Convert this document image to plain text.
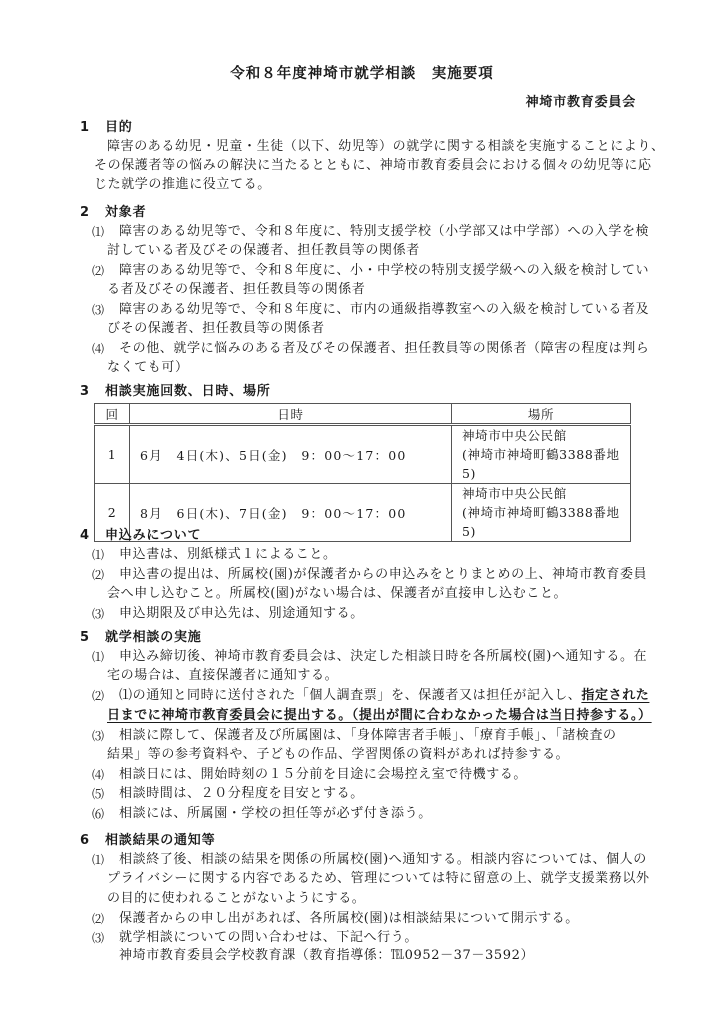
令和８年度神埼市就学相談　実施要項
神埼市教育委員会
1 目的
障害のある幼児・児童・生徒（以下、幼児等）の就学に関する相談を実施することにより、
その保護者等の悩みの解決に当たるとともに、神埼市教育委員会における個々の幼児等に応
じた就学の推進に役立てる。
2 対象者
⑴ 障害のある幼児等で、令和８年度に、特別支援学校（小学部又は中学部）への入学を検
討している者及びその保護者、担任教員等の関係者
⑵ 障害のある幼児等で、令和８年度に、小・中学校の特別支援学級への入級を検討してい
る者及びその保護者、担任教員等の関係者
⑶ 障害のある幼児等で、令和８年度に、市内の通級指導教室への入級を検討している者及
びその保護者、担任教員等の関係者
⑷ その他、就学に悩みのある者及びその保護者、担任教員等の関係者（障害の程度は判ら
なくても可）
3 相談実施回数、日時、場所
回	日時	場所
1	6月　4日(木)、5日(金)　9：00～17：00	神埼市中央公民館
(神埼市神埼町鶴3388番地5)

2	8月　6日(木)、7日(金)　9：00～17：00	神埼市中央公民館
(神埼市神埼町鶴3388番地5)
4 申込みについて
⑴ 申込書は、別紙様式１によること。
⑵ 申込書の提出は、所属校(園)が保護者からの申込みをとりまとめの上、神埼市教育委員
会へ申し込むこと。所属校(園)がない場合は、保護者が直接申し込むこと。
⑶ 申込期限及び申込先は、別途通知する。
5 就学相談の実施
⑴ 申込み締切後、神埼市教育委員会は、決定した相談日時を各所属校(園)へ通知する。在
宅の場合は、直接保護者に通知する。
⑵ ⑴の通知と同時に送付された「個人調査票」を、保護者又は担任が記入し、指定された
日までに神埼市教育委員会に提出する。（提出が間に合わなかった場合は当日持参する。）
⑶ 相談に際して、保護者及び所属園は、「身体障害者手帳」、「療育手帳」、「諸検査の
結果」等の参考資料や、子どもの作品、学習関係の資料があれば持参する。
⑷ 相談日には、開始時刻の１５分前を目途に会場控え室で待機する。
⑸ 相談時間は、２０分程度を目安とする。
⑹ 相談には、所属園・学校の担任等が必ず付き添う。
6 相談結果の通知等
⑴ 相談終了後、相談の結果を関係の所属校(園)へ通知する。相談内容については、個人の
プライバシーに関する内容であるため、管理については特に留意の上、就学支援業務以外
の目的に使われることがないようにする。
⑵ 保護者からの申し出があれば、各所属校(園)は相談結果について開示する。
⑶ 就学相談についての問い合わせは、下記へ行う。
神埼市教育委員会学校教育課（教育指導係：℡0952－37－3592）
